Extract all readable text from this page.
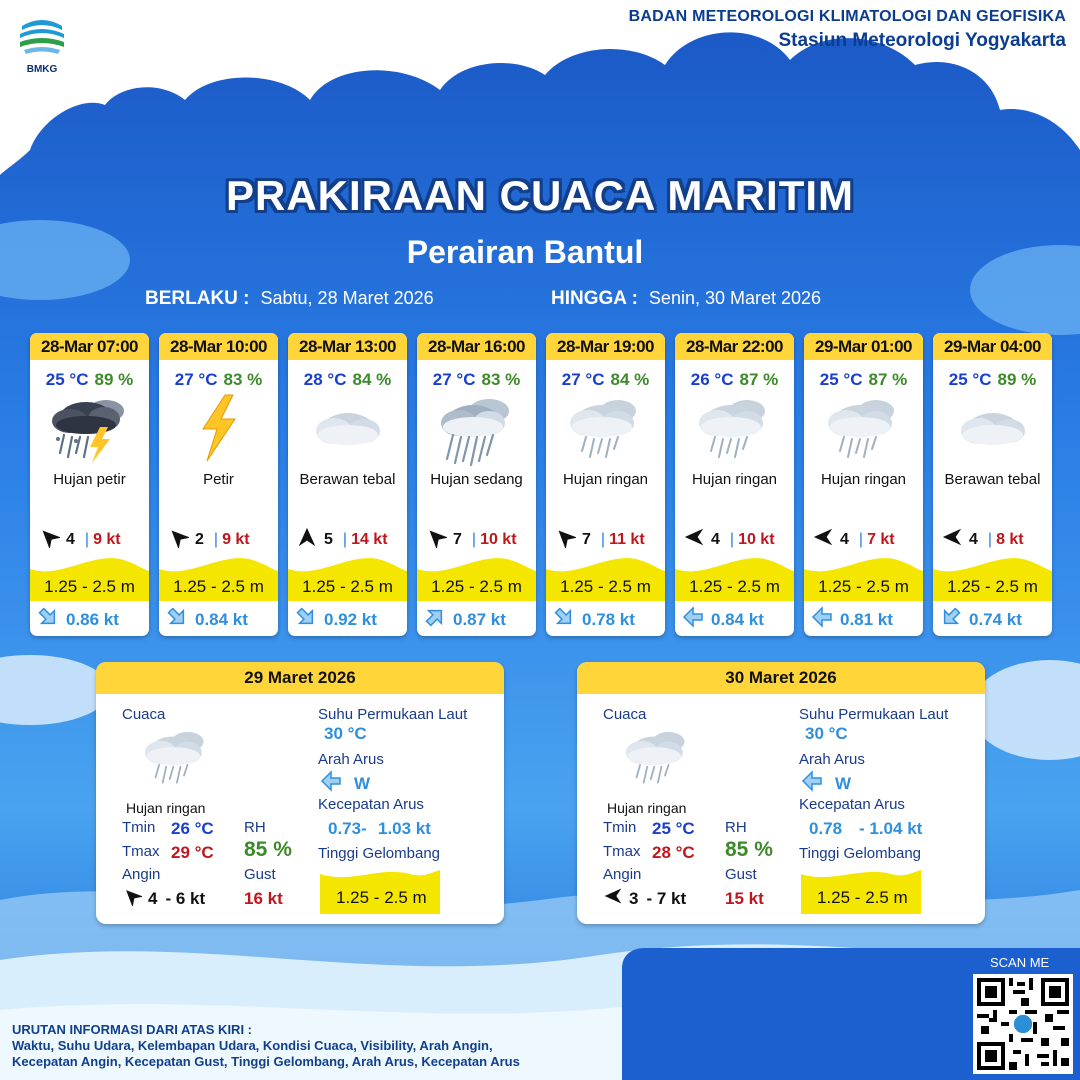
BMKG
BADAN METEOROLOGI KLIMATOLOGI DAN GEOFISIKA
Stasiun Meteorologi Yogyakarta
PRAKIRAAN CUACA MARITIM
Perairan Bantul
BERLAKU : Sabtu, 28 Maret 2026	HINGGA : Senin, 30 Maret 2026
28-Mar 07:00
25 °C 89 %
Hujan petir
4 | 9 kt
1.25 - 2.5 m
0.86 kt
28-Mar 10:00
27 °C 83 %
Petir
2 | 9 kt
1.25 - 2.5 m
0.84 kt
28-Mar 13:00
28 °C 84 %
Berawan tebal
5 | 14 kt
1.25 - 2.5 m
0.92 kt
28-Mar 16:00
27 °C 83 %
Hujan sedang
7 | 10 kt
1.25 - 2.5 m
0.87 kt
28-Mar 19:00
27 °C 84 %
Hujan ringan
7 | 11 kt
1.25 - 2.5 m
0.78 kt
28-Mar 22:00
26 °C 87 %
Hujan ringan
4 | 10 kt
1.25 - 2.5 m
0.84 kt
29-Mar 01:00
25 °C 87 %
Hujan ringan
4 | 7 kt
1.25 - 2.5 m
0.81 kt
29-Mar 04:00
25 °C 89 %
Berawan tebal
4 | 8 kt
1.25 - 2.5 m
0.74 kt
29 Maret 2026
Cuaca
Hujan ringan
Tmin 26 °C
Tmax 29 °C
Angin
4 - 6 kt
RH
85 %
Gust
16 kt
Suhu Permukaan Laut
30 °C
Arah Arus
W
Kecepatan Arus
0.73- 1.03 kt
Tinggi Gelombang
1.25 - 2.5 m
30 Maret 2026
Cuaca
Hujan ringan
Tmin 25 °C
Tmax 28 °C
Angin
3 - 7 kt
RH
85 %
Gust
15 kt
Suhu Permukaan Laut
30 °C
Arah Arus
W
Kecepatan Arus
0.78 - 1.04 kt
Tinggi Gelombang
1.25 - 2.5 m
URUTAN INFORMASI DARI ATAS KIRI :
Waktu, Suhu Udara, Kelembapan Udara, Kondisi Cuaca, Visibility, Arah Angin,
Kecepatan Angin, Kecepatan Gust, Tinggi Gelombang, Arah Arus, Kecepatan Arus
SCAN ME
